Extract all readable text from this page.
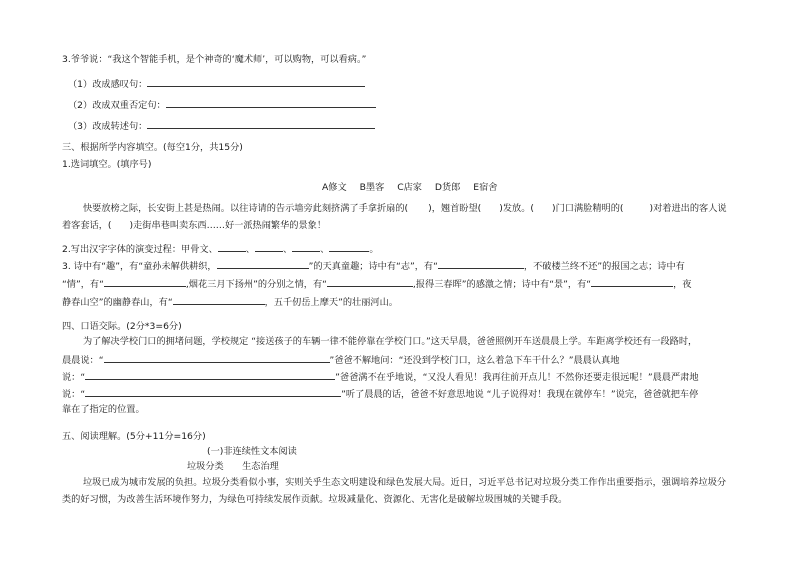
3.爷爷说：“我这个智能手机，是个神奇的‘魔术师’，可以购物，可以看病。”
（1）改成感叹句：
（2）改成双重否定句：
（3）改成转述句：
三、根据所学内容填空。(每空1分，共15分)
1.选词填空。(填序号)
A修文 B墨客 C店家 D货郎 E宿舍
快要放榜之际，长安街上甚是热闹。以往诗请的告示墙旁此刻挤满了手拿折扇的( )，翘首盼望( )发放。( )门口满脸精明的(	)对着进出的客人说
着客套话，( )走街串巷叫卖东西……好一派热闹繁华的景象！
2.写出汉字字体的演变过程：甲骨文、	、	、	、	。
3. 诗中有“趣”，有“童孙未解供耕织，	”的天真童趣；诗中有“志”，有“	，不破楼兰终不还”的报国之志；诗中有
“情”，有“	,烟花三月下扬州”的分别之情，有“	,报得三春晖”的感激之情；诗中有“景”，有“	，夜
静春山空”的幽静春山，有“	，五千仞岳上摩天”的壮丽河山。
四、口语交际。(2分*3=6分)
为了解决学校门口的拥堵问题，学校规定 “接送孩子的车辆一律不能停靠在学校门口。”这天早晨，爸爸照例开车送晨晨上学。车距离学校还有一段路时，
晨晨说：“	”爸爸不解地问：“还没到学校门口，这么着急下车干什么？”晨晨认真地
说：“	”爸爸满不在乎地说，“又没人看见！我再往前开点儿！不然你还要走很远呢！”晨晨严肃地
说：“	”听了晨晨的话，爸爸不好意思地说 “儿子说得对！我现在就停车！”说完，爸爸就把车停
靠在了指定的位置。
五、阅读理解。(5分+11分=16分)
(一)非连续性文本阅读
垃圾分类　　生态治理
垃圾已成为城市发展的负担。垃圾分类看似小事，实则关乎生态文明建设和绿色发展大局。近日，习近平总书记对垃圾分类工作作出重要指示，强调培养垃圾分
类的好习惯，为改善生活环境作努力，为绿色可持续发展作贡献。垃圾减量化、资源化、无害化是破解垃圾围城的关键手段。
